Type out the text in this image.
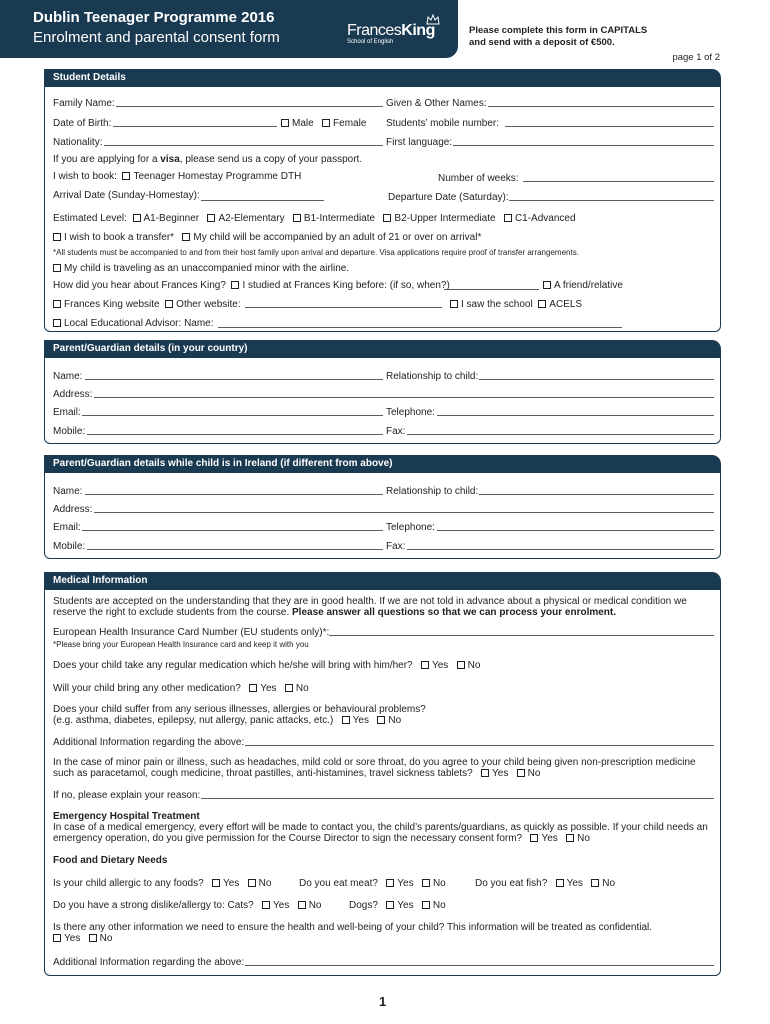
Dublin Teenager Programme 2016
Enrolment and parental consent form	FrancesKing
School of English
Please complete this form in CAPITALS
and send with a deposit of €500.
page 1 of 2
Student Details
Family Name:	Given & Other Names:
Date of Birth:	Male Female Students’ mobile number:
Nationality:	First language:
If you are applying for a visa, please send us a copy of your passport.
I wish to book: Teenager Homestay Programme DTH	Number of weeks:
Arrival Date (Sunday-Homestay):	Departure Date (Saturday):
Estimated Level: A1-Beginner A2-Elementary B1-Intermediate B2-Upper Intermediate C1-Advanced
I wish to book a transfer* My child will be accompanied by an adult of 21 or over on arrival*
*All students must be accompanied to and from their host family upon arrival and departure. Visa applications require proof of transfer arrangements.
My child is traveling as an unaccompanied minor with the airline.
How did you hear about Frances King? I studied at Frances King before: (if so, when?)	A friend/relative
Frances King website Other website:	I saw the school ACELS
Local Educational Advisor: Name:
Parent/Guardian details (in your country)
Name:	Relationship to child:
Address:
Email:	Telephone:
Mobile:	Fax:
Parent/Guardian details while child is in Ireland (if different from above)
Name:	Relationship to child:
Address:
Email:	Telephone:
Mobile:	Fax:
Medical Information
Students are accepted on the understanding that they are in good health. If we are not told in advance about a physical or medical condition we
reserve the right to exclude students from the course. Please answer all questions so that we can process your enrolment.
European Health Insurance Card Number (EU students only)*:
*Please bring your European Health Insurance card and keep it with you
Does your child take any regular medication which he/she will bring with him/her? Yes No
Will your child bring any other medication? Yes No
Does your child suffer from any serious illnesses, allergies or behavioural problems?
(e.g. asthma, diabetes, epilepsy, nut allergy, panic attacks, etc.) Yes No
Additional Information regarding the above:
In the case of minor pain or illness, such as headaches, mild cold or sore throat, do you agree to your child being given non-prescription medicine
such as paracetamol, cough medicine, throat pastilles, anti-histamines, travel sickness tablets? Yes No
If no, please explain your reason:
Emergency Hospital Treatment
In case of a medical emergency, every effort will be made to contact you, the child’s parents/guardians, as quickly as possible. If your child needs an
emergency operation, do you give permission for the Course Director to sign the necessary consent form? Yes No
Food and Dietary Needs
Is your child allergic to any foods? Yes No	Do you eat meat? Yes No	Do you eat fish? Yes No
Do you have a strong dislike/allergy to: Cats? Yes No	Dogs? Yes No
Is there any other information we need to ensure the health and well-being of your child? This information will be treated as confidential.
Yes No
Additional Information regarding the above:
1
